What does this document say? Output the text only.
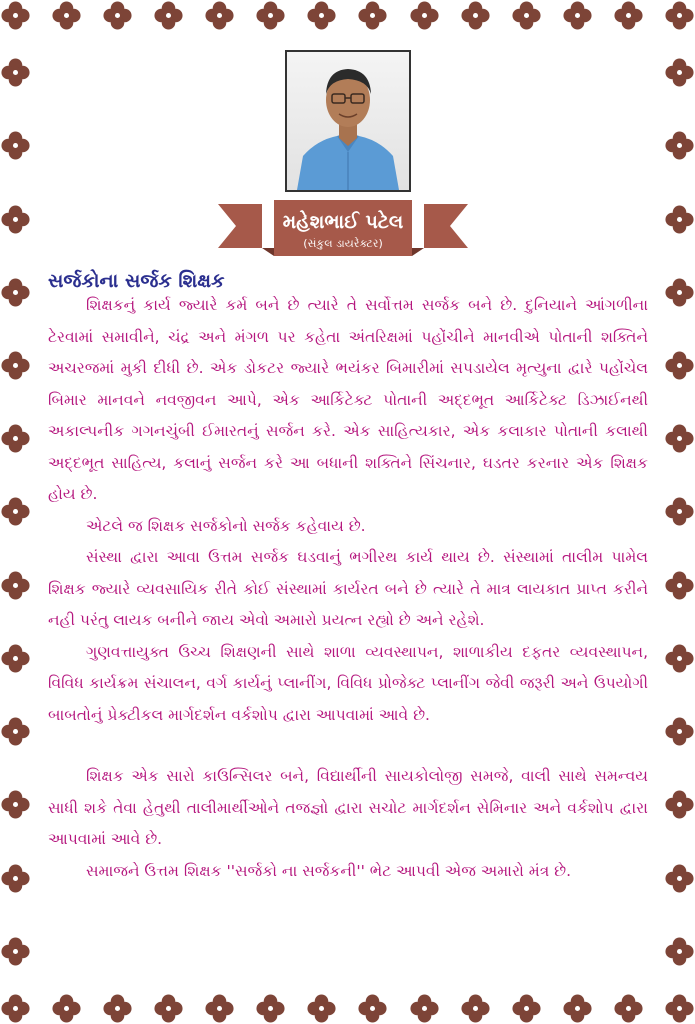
મહેશભાઈ પટેલ
(સંકુલ ડાયરેક્ટર)
સર્જકોના સર્જક શિક્ષક

શિક્ષકનું કાર્ય જ્યારે કર્મ બને છે ત્યારે તે સર્વોત્તમ સર્જક બને છે. દુનિયાને આંગળીના ટેરવામાં સમાવીને, ચંદ્ર અને મંગળ પર કહેતા અંતરિક્ષમાં પહોંચીને માનવીએ પોતાની શક્તિને અચરજમાં મુકી દીધી છે. એક ડોકટર જ્યારે ભયંકર બિમારીમાં સપડાયેલ મૃત્યુના દ્વારે પહોંચેલ બિમાર માનવને નવજીવન આપે, એક આર્કિટેક્ટ પોતાની અદ્દભૂત આર્કિટેક્ટ ડિઝાઈનથી અકાલ્પનીક ગગનચુંબી ઈમારતનું સર્જન કરે. એક સાહિત્યકાર, એક કલાકાર પોતાની કલાથી અદ્દભૂત સાહિત્ય, કલાનું સર્જન કરે આ બધાની શક્તિને સિંચનાર, ઘડતર કરનાર એક શિક્ષક હોય છે.

એટલે જ શિક્ષક સર્જકોનો સર્જક કહેવાય છે.

સંસ્થા દ્વારા આવા ઉત્તમ સર્જક ઘડવાનું ભગીરથ કાર્ય થાય છે. સંસ્થામાં તાલીમ પામેલ શિક્ષક જ્યારે વ્યવસાયિક રીતે કોઈ સંસ્થામાં કાર્યરત બને છે ત્યારે તે માત્ર લાયકાત પ્રાપ્ત કરીને નહી પરંતુ લાયક બનીને જાય એવો અમારો પ્રયત્ન રહ્યો છે અને રહેશે.

ગુણવત્તાયુક્ત ઉચ્ચ શિક્ષણની સાથે શાળા વ્યવસ્થાપન, શાળાકીય દફતર વ્યવસ્થાપન, વિવિધ કાર્યક્રમ સંચાલન, વર્ગ કાર્યનું પ્લાનીંગ, વિવિધ પ્રોજેક્ટ પ્લાનીંગ જેવી જરૂરી અને ઉપયોગી બાબતોનું પ્રેક્ટીકલ માર્ગદર્શન વર્કશોપ દ્વારા આપવામાં આવે છે.

શિક્ષક એક સારો કાઉન્સિલર બને, વિદ્યાર્થીની સાયકોલોજી સમજે, વાલી સાથે સમન્વય સાધી શકે તેવા હેતુથી તાલીમાર્થીઓને તજજ્ઞો દ્વારા સચોટ માર્ગદર્શન સેમિનાર અને વર્કશોપ દ્વારા આપવામાં આવે છે.

સમાજને ઉત્તમ શિક્ષક ''સર્જકો ના સર્જકની'' ભેટ આપવી એજ અમારો મંત્ર છે.
